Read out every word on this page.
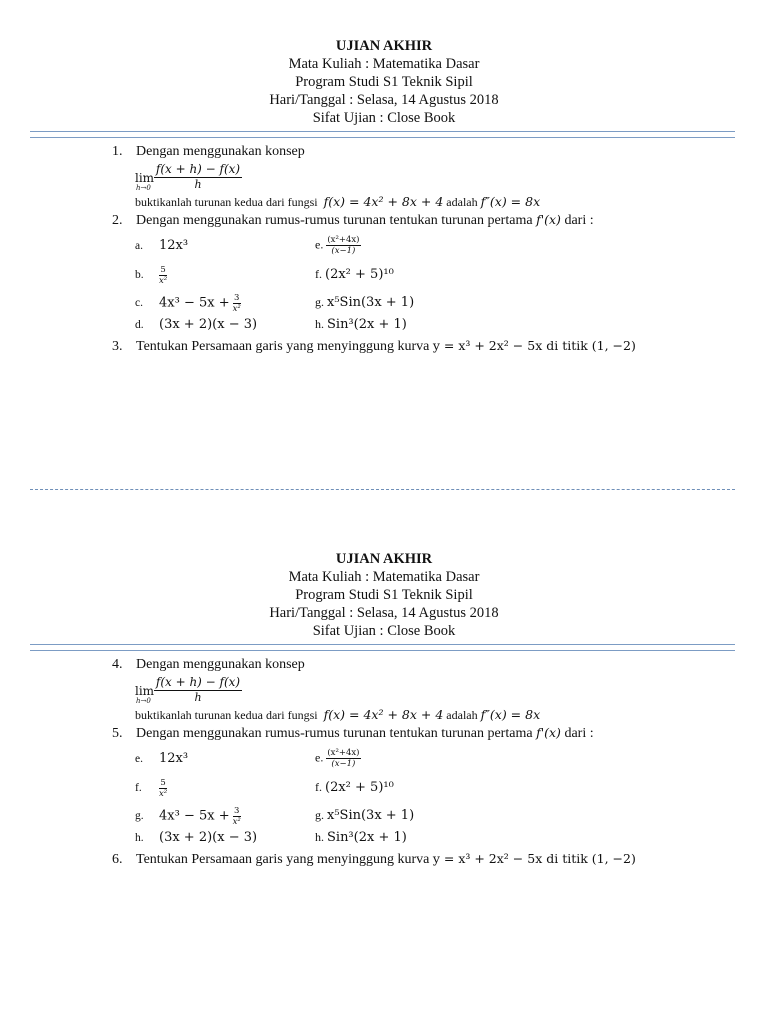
UJIAN AKHIR
Mata Kuliah : Matematika Dasar
Program Studi S1 Teknik Sipil
Hari/Tanggal : Selasa, 14 Agustus 2018
Sifat Ujian : Close Book
1. Dengan menggunakan konsep
lim
$h\to 0 \frac{f(x + h) - f(x)}{h}$
buktikanlah turunan kedua dari fungsi f(x) = 4x² + 8x + 4 adalah f″(x) = 8x
2. Dengan menggunakan rumus-rumus turunan tentukan turunan pertama f'(x) dari :
a. 12x³
b. $\frac{5}{\text{x²}}$
c. $4x^3 - 5x + \frac{3}{\text{x²}}$
d. (3x + 2)(x − 3)
e. $\frac{\text{(x²+4x)}}{(x-1)}$
f. (2x² + 5)¹⁰
g. x⁵Sin(3x + 1)
h. Sin³(2x + 1)
3. Tentukan Persamaan garis yang menyinggung kurva y = x³ + 2x² − 5x di titik (1, −2)
UJIAN AKHIR
Mata Kuliah : Matematika Dasar
Program Studi S1 Teknik Sipil
Hari/Tanggal : Selasa, 14 Agustus 2018
Sifat Ujian : Close Book
4. Dengan menggunakan konsep
lim
$h\to 0 \frac{f(x + h) - f(x)}{h}$
buktikanlah turunan kedua dari fungsi f(x) = 4x² + 8x + 4 adalah f″(x) = 8x
5. Dengan menggunakan rumus-rumus turunan tentukan turunan pertama f'(x) dari :
e. 12x³
f. $\frac{5}{\text{x²}}$
g. $4x^3 - 5x + \frac{3}{\text{x²}}$
h. (3x + 2)(x − 3)
e. $\frac{\text{(x²+4x)}}{(x-1)}$
f. (2x² + 5)¹⁰
g. x⁵Sin(3x + 1)
h. Sin³(2x + 1)
6. Tentukan Persamaan garis yang menyinggung kurva y = x³ + 2x² − 5x di titik (1, −2)
